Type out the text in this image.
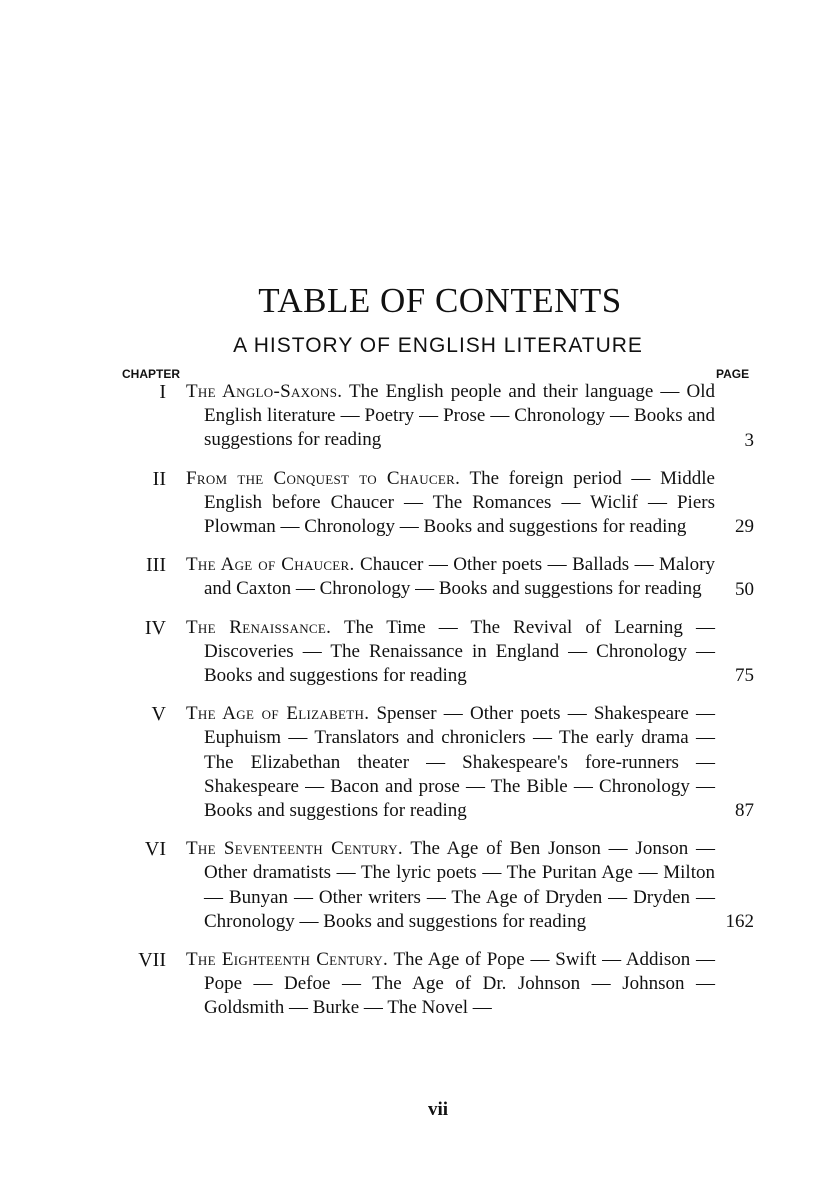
TABLE OF CONTENTS
A HISTORY OF ENGLISH LITERATURE
CHAPTER	PAGE
I The Anglo-Saxons. The English people and their language — Old English literature — Poetry — Prose — Chronology — Books and suggestions for reading	3
II From the Conquest to Chaucer. The foreign period — Middle English before Chaucer — The Romances — Wiclif — Piers Plowman — Chronology — Books and suggestions for reading	29
III The Age of Chaucer. Chaucer — Other poets — Ballads — Malory and Caxton — Chronology — Books and suggestions for reading	50
IV The Renaissance. The Time — The Revival of Learning — Discoveries — The Renaissance in England — Chronology — Books and suggestions for reading	75
V The Age of Elizabeth. Spenser — Other poets — Shakespeare — Euphuism — Translators and chroniclers — The early drama — The Elizabethan theater — Shakespeare's fore-runners — Shakespeare — Bacon and prose — The Bible — Chronology — Books and suggestions for reading	87
VI The Seventeenth Century. The Age of Ben Jonson — Jonson — Other dramatists — The lyric poets — The Puritan Age — Milton — Bunyan — Other writers — The Age of Dryden — Dryden — Chronology — Books and suggestions for reading	162
VII The Eighteenth Century. The Age of Pope — Swift — Addison — Pope — Defoe — The Age of Dr. Johnson — Johnson — Goldsmith — Burke — The Novel —
vii
